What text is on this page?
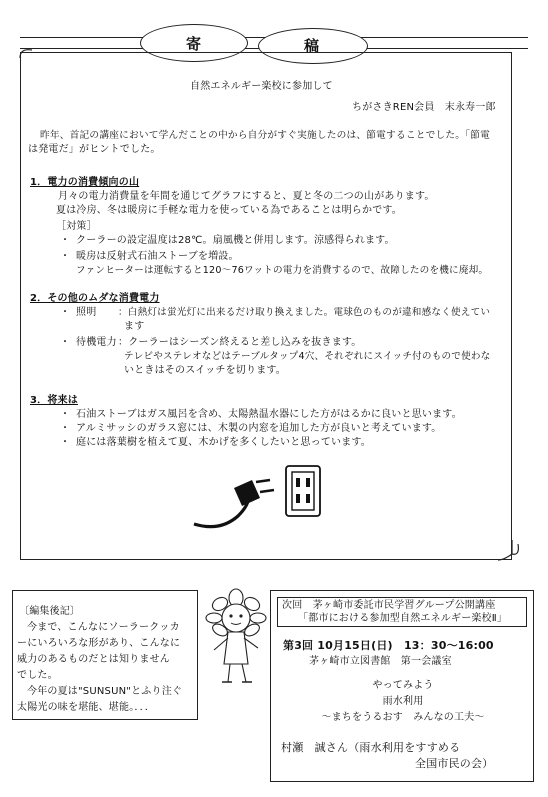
寄	稿
自然エネルギー楽校に参加して
ちがさきREN会員　末永寿一郎
昨年、首記の講座において学んだことの中から自分がすぐ実施したのは、節電することでした。「節電
は発電だ」がヒントでした。
1．電力の消費傾向の山
月々の電力消費量を年間を通じてグラフにすると、夏と冬の二つの山があります。
夏は冷房、冬は暖房に手軽な電力を使っている為であることは明らかです。
［対策］
・ クーラーの設定温度は28℃。扇風機と併用します。涼感得られます。
・ 暖房は反射式石油ストーブを増設。
ファンヒーターは運転すると120～76ワットの電力を消費するので、故障したのを機に廃却。
2．その他のムダな消費電力
・ 照明 ：白熱灯は蛍光灯に出来るだけ取り換えました。電球色のものが違和感なく使えてい
ます
・ 待機電力 ：クーラーはシーズン終えると差し込みを抜きます。
テレビやステレオなどはテーブルタップ4穴、それぞれにスイッチ付のもので使わな
いときはそのスイッチを切ります。
3．将来は
・ 石油ストーブはガス風呂を含め、太陽熱温水器にした方がはるかに良いと思います。
・ アルミサッシのガラス窓には、木製の内窓を追加した方が良いと考えています。
・ 庭には落葉樹を植えて夏、木かげを多くしたいと思っています。
〔編集後記〕
今まで、こんなにソーラークッカ
ーにいろいろな形があり、こんなに
威力のあるものだとは知りません
でした。
今年の夏は"SUNSUN"とふり注ぐ
太陽光の味を堪能、堪能。．．．
次回　茅ヶ崎市委託市民学習グループ公開講座
「都市における参加型自然エネルギー楽校Ⅱ」
第3回 10月15日(日)　13：30～16:00
茅ヶ崎市立図書館　第一会議室
やってみよう
雨水利用
～まちをうるおす　みんなの工夫～
村瀬　誠さん（雨水利用をすすめる
全国市民の会）
